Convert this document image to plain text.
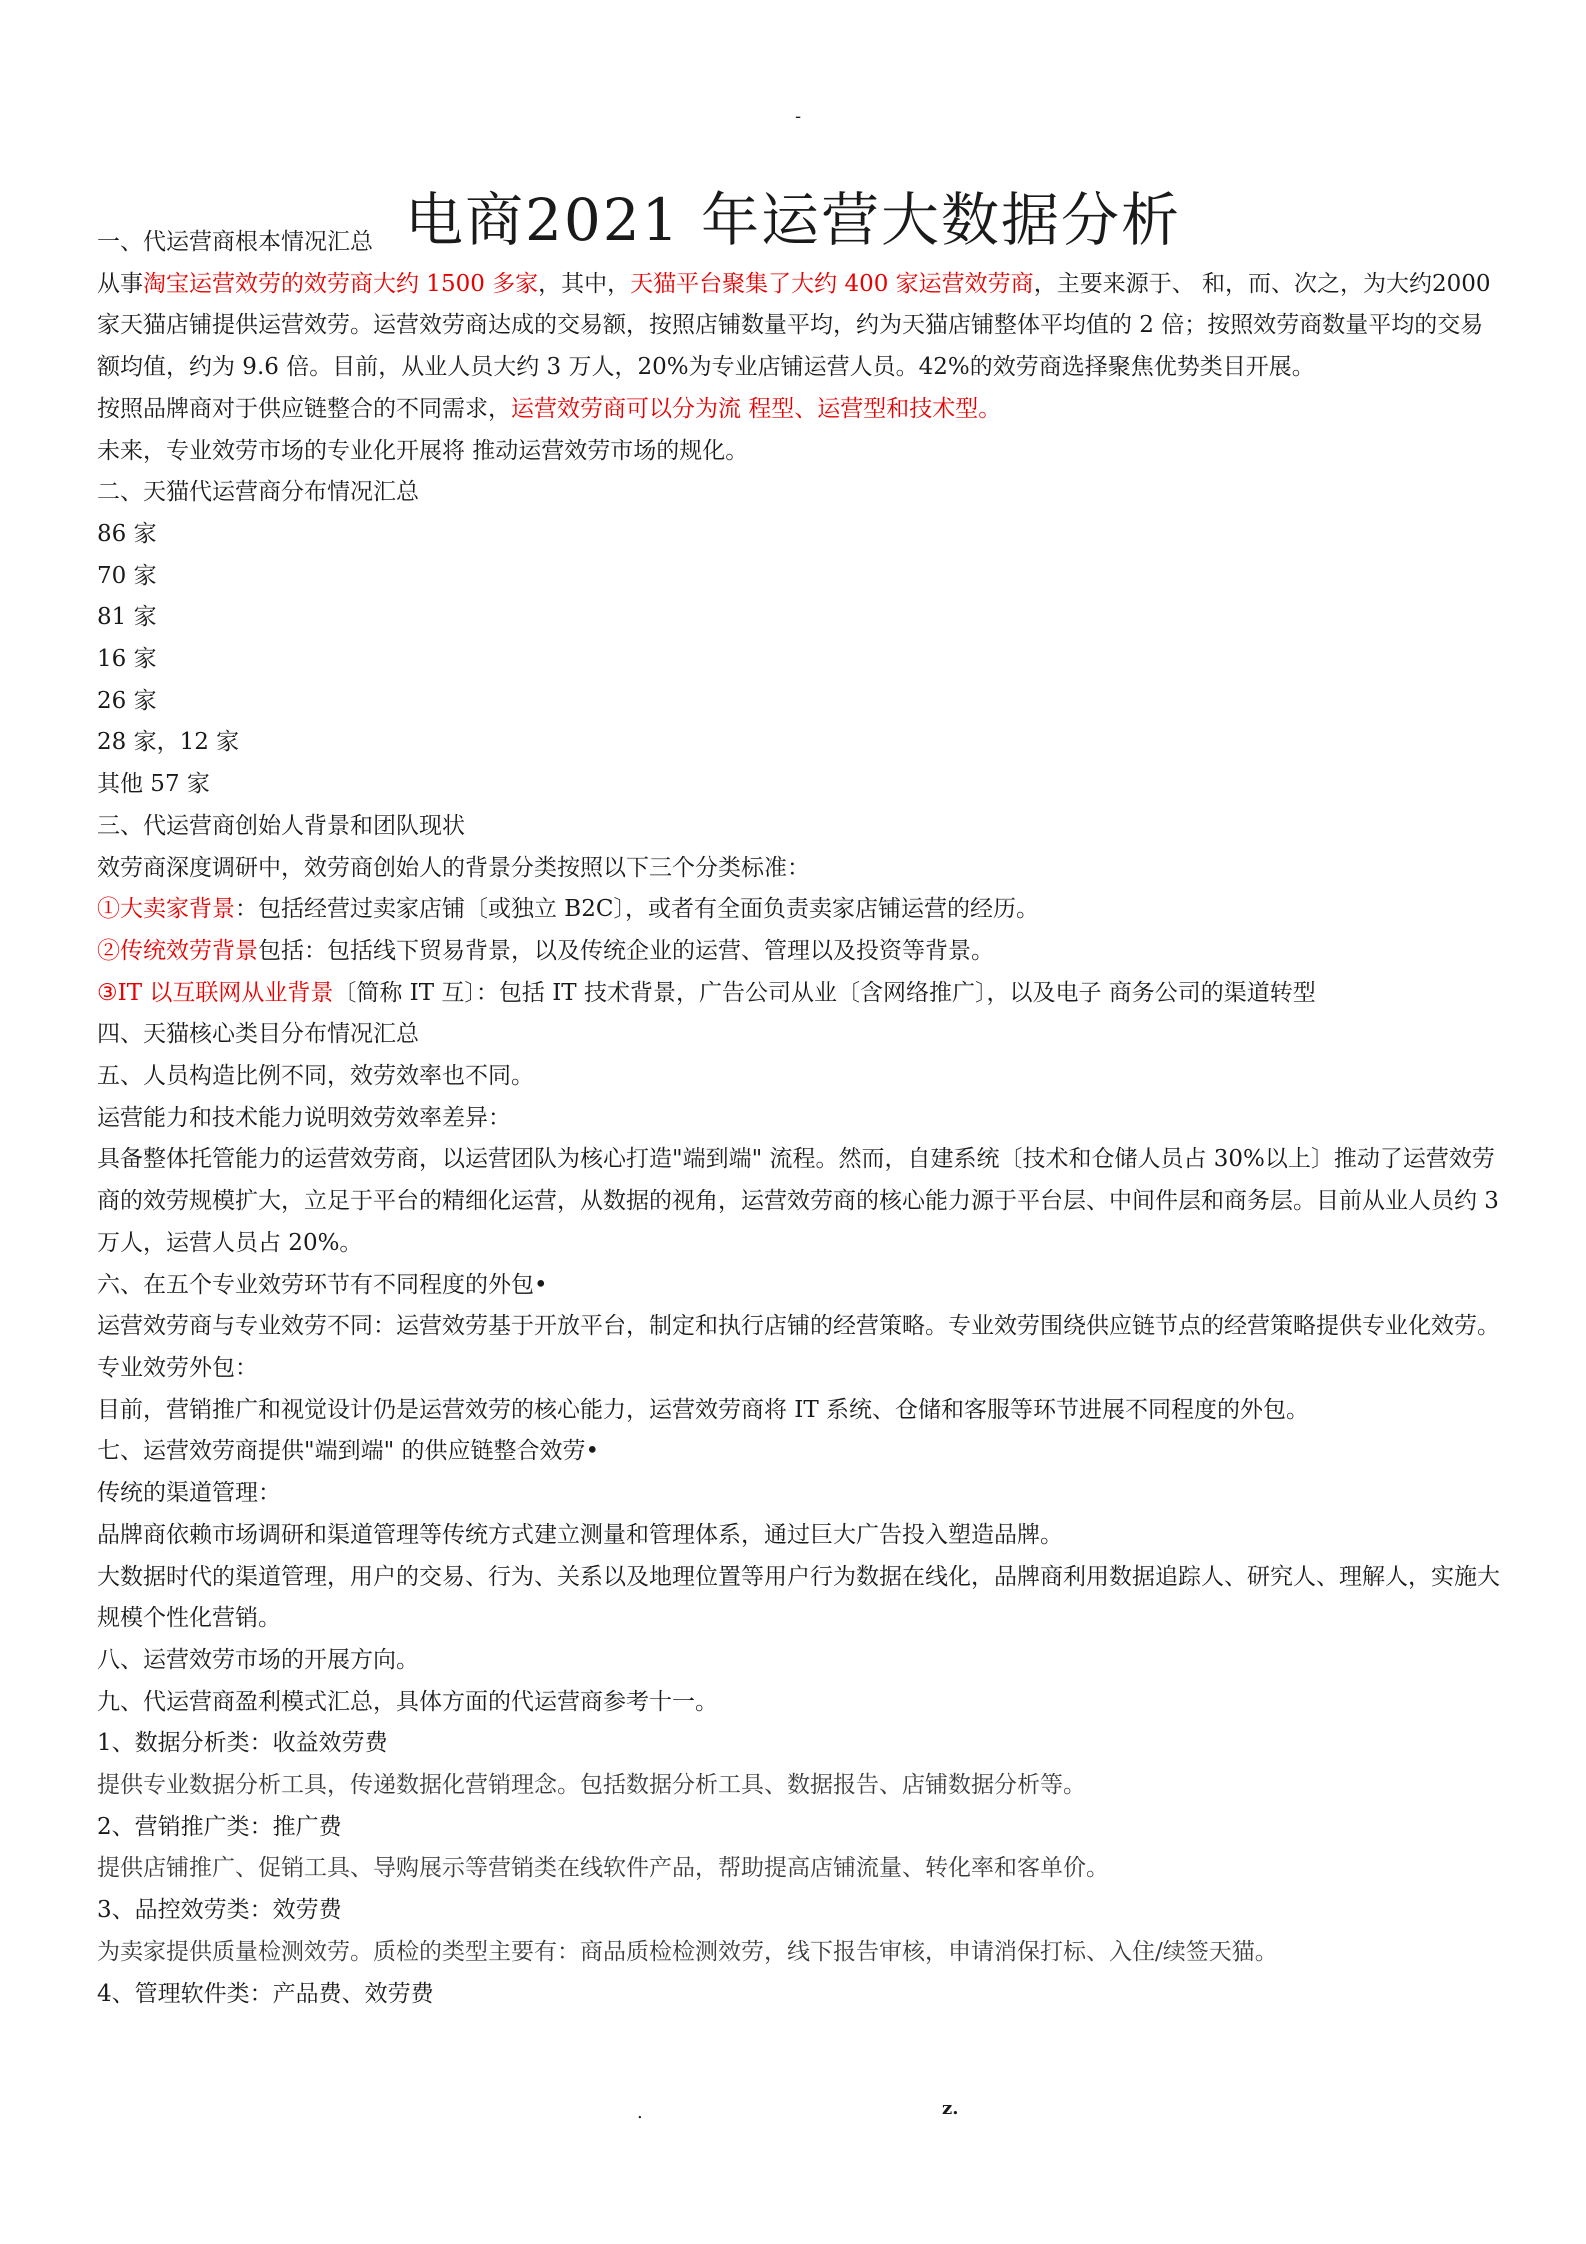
-
电商2021 年运营大数据分析

一、代运营商根本情况汇总

从事淘宝运营效劳的效劳商大约 1500 多家，其中，天猫平台聚集了大约 400 家运营效劳商，主要来源于、 和，而、次之，为大约2000 家天猫店铺提供运营效劳。运营效劳商达成的交易额，按照店铺数量平均，约为天猫店铺整体平均值的 2 倍；按照效劳商数量平均的交易额均值，约为 9.6 倍。目前，从业人员大约 3 万人，20%为专业店铺运营人员。42%的效劳商选择聚焦优势类目开展。

按照品牌商对于供应链整合的不同需求，运营效劳商可以分为流 程型、运营型和技术型。

未来，专业效劳市场的专业化开展将 推动运营效劳市场的规化。

二、天猫代运营商分布情况汇总

86 家

70 家

81 家

16 家

26 家

28 家，12 家

其他 57 家

三、代运营商创始人背景和团队现状

效劳商深度调研中，效劳商创始人的背景分类按照以下三个分类标准：

①大卖家背景：包括经营过卖家店铺〔或独立 B2C〕，或者有全面负责卖家店铺运营的经历。

②传统效劳背景包括：包括线下贸易背景，以及传统企业的运营、管理以及投资等背景。

③IT 以互联网从业背景〔简称 IT 互〕：包括 IT 技术背景，广告公司从业〔含网络推广〕，以及电子 商务公司的渠道转型

四、天猫核心类目分布情况汇总

五、人员构造比例不同，效劳效率也不同。

运营能力和技术能力说明效劳效率差异：

具备整体托管能力的运营效劳商，以运营团队为核心打造"端到端" 流程。然而，自建系统〔技术和仓储人员占 30%以上〕推动了运营效劳商的效劳规模扩大，立足于平台的精细化运营，从数据的视角，运营效劳商的核心能力源于平台层、中间件层和商务层。目前从业人员约 3 万人，运营人员占 20%。

六、在五个专业效劳环节有不同程度的外包•

运营效劳商与专业效劳不同：运营效劳基于开放平台，制定和执行店铺的经营策略。专业效劳围绕供应链节点的经营策略提供专业化效劳。

专业效劳外包：

目前，营销推广和视觉设计仍是运营效劳的核心能力，运营效劳商将 IT 系统、仓储和客服等环节进展不同程度的外包。

七、运营效劳商提供"端到端" 的供应链整合效劳•

传统的渠道管理：

品牌商依赖市场调研和渠道管理等传统方式建立测量和管理体系，通过巨大广告投入塑造品牌。

大数据时代的渠道管理，用户的交易、行为、关系以及地理位置等用户行为数据在线化，品牌商利用数据追踪人、研究人、理解人，实施大规模个性化营销。

八、运营效劳市场的开展方向。

九、代运营商盈利模式汇总，具体方面的代运营商参考十一。

1、数据分析类：收益效劳费

提供专业数据分析工具，传递数据化营销理念。包括数据分析工具、数据报告、店铺数据分析等。

2、营销推广类：推广费

提供店铺推广、促销工具、导购展示等营销类在线软件产品，帮助提高店铺流量、转化率和客单价。

3、品控效劳类：效劳费

为卖家提供质量检测效劳。质检的类型主要有：商品质检检测效劳，线下报告审核，申请消保打标、入住/续签天猫。

4、管理软件类：产品费、效劳费

.	z.
